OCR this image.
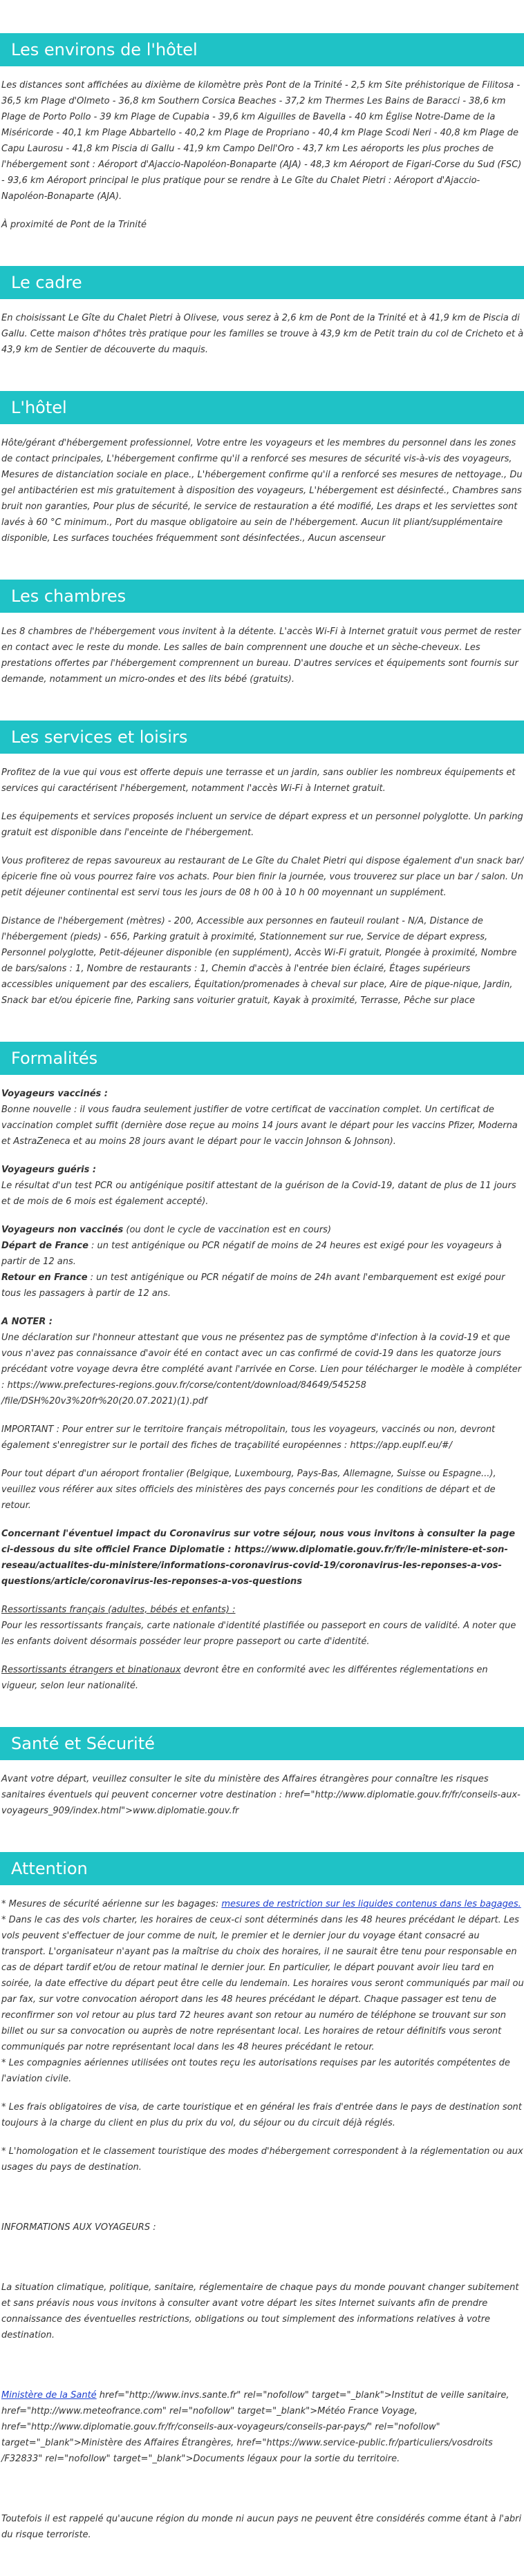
Les environs de l'hôtel

Les distances sont affichées au dixième de kilomètre près Pont de la Trinité - 2,5 km Site préhistorique de Filitosa - 36,5 km Plage d'Olmeto - 36,8 km Southern Corsica Beaches - 37,2 km Thermes Les Bains de Baracci - 38,6 km Plage de Porto Pollo - 39 km Plage de Cupabia - 39,6 km Aiguilles de Bavella - 40 km Église Notre-Dame de la Miséricorde - 40,1 km Plage Abbartello - 40,2 km Plage de Propriano - 40,4 km Plage Scodi Neri - 40,8 km Plage de Capu Laurosu - 41,8 km Piscia di Gallu - 41,9 km Campo Dell'Oro - 43,7 km Les aéroports les plus proches de l'hébergement sont : Aéroport d'Ajaccio-Napoléon-Bonaparte (AJA) - 48,3 km Aéroport de Figari-Corse du Sud (FSC) - 93,6 km Aéroport principal le plus pratique pour se rendre à Le Gîte du Chalet Pietri : Aéroport d'Ajaccio-Napoléon-Bonaparte (AJA).

À proximité de Pont de la Trinité

Le cadre

En choisissant Le Gîte du Chalet Pietri à Olivese, vous serez à 2,6 km de Pont de la Trinité et à 41,9 km de Piscia di Gallu. Cette maison d'hôtes très pratique pour les familles se trouve à 43,9 km de Petit train du col de Cricheto et à 43,9 km de Sentier de découverte du maquis.

L'hôtel

Hôte/gérant d'hébergement professionnel, Votre entre les voyageurs et les membres du personnel dans les zones de contact principales, L'hébergement confirme qu'il a renforcé ses mesures de sécurité vis-à-vis des voyageurs, Mesures de distanciation sociale en place., L'hébergement confirme qu'il a renforcé ses mesures de nettoyage., Du gel antibactérien est mis gratuitement à disposition des voyageurs, L'hébergement est désinfecté., Chambres sans bruit non garanties, Pour plus de sécurité, le service de restauration a été modifié, Les draps et les serviettes sont lavés à 60 °C minimum., Port du masque obligatoire au sein de l'hébergement. Aucun lit pliant/supplémentaire disponible, Les surfaces touchées fréquemment sont désinfectées., Aucun ascenseur

Les chambres

Les 8 chambres de l'hébergement vous invitent à la détente. L'accès Wi-Fi à Internet gratuit vous permet de rester en contact avec le reste du monde. Les salles de bain comprennent une douche et un sèche-cheveux. Les prestations offertes par l'hébergement comprennent un bureau. D'autres services et équipements sont fournis sur demande, notamment un micro-ondes et des lits bébé (gratuits).

Les services et loisirs

Profitez de la vue qui vous est offerte depuis une terrasse et un jardin, sans oublier les nombreux équipements et services qui caractérisent l'hébergement, notamment l'accès Wi-Fi à Internet gratuit.

Les équipements et services proposés incluent un service de départ express et un personnel polyglotte. Un parking gratuit est disponible dans l'enceinte de l'hébergement.

Vous profiterez de repas savoureux au restaurant de Le Gîte du Chalet Pietri qui dispose également d'un snack bar/épicerie fine où vous pourrez faire vos achats. Pour bien finir la journée, vous trouverez sur place un bar / salon. Un petit déjeuner continental est servi tous les jours de 08 h 00 à 10 h 00 moyennant un supplément.

Distance de l'hébergement (mètres) - 200, Accessible aux personnes en fauteuil roulant - N/A, Distance de l'hébergement (pieds) - 656, Parking gratuit à proximité, Stationnement sur rue, Service de départ express, Personnel polyglotte, Petit-déjeuner disponible (en supplément), Accès Wi-Fi gratuit, Plongée à proximité, Nombre de bars/salons : 1, Nombre de restaurants : 1, Chemin d'accès à l'entrée bien éclairé, Étages supérieurs accessibles uniquement par des escaliers, Équitation/promenades à cheval sur place, Aire de pique-nique, Jardin, Snack bar et/ou épicerie fine, Parking sans voiturier gratuit, Kayak à proximité, Terrasse, Pêche sur place

Formalités

Voyageurs vaccinés :
Bonne nouvelle : il vous faudra seulement justifier de votre certificat de vaccination complet. Un certificat de vaccination complet suffit (dernière dose reçue au moins 14 jours avant le départ pour les vaccins Pfizer, Moderna et AstraZeneca et au moins 28 jours avant le départ pour le vaccin Johnson & Johnson).

Voyageurs guéris :
Le résultat d'un test PCR ou antigénique positif attestant de la guérison de la Covid-19, datant de plus de 11 jours et de mois de 6 mois est également accepté).

Voyageurs non vaccinés (ou dont le cycle de vaccination est en cours)
Départ de France : un test antigénique ou PCR négatif de moins de 24 heures est exigé pour les voyageurs à partir de 12 ans.
Retour en France : un test antigénique ou PCR négatif de moins de 24h avant l'embarquement est exigé pour tous les passagers à partir de 12 ans.

A NOTER :
Une déclaration sur l'honneur attestant que vous ne présentez pas de symptôme d'infection à la covid-19 et que vous n'avez pas connaissance d'avoir été en contact avec un cas confirmé de covid-19 dans les quatorze jours précédant votre voyage devra être complété avant l'arrivée en Corse. Lien pour télécharger le modèle à compléter : https://www.prefectures-regions.gouv.fr/corse/content/download/84649/545258 /file/DSH%20v3%20fr%20(20.07.2021)(1).pdf

IMPORTANT : Pour entrer sur le territoire français métropolitain, tous les voyageurs, vaccinés ou non, devront également s'enregistrer sur le portail des fiches de traçabilité européennes : https://app.euplf.eu/#/

Pour tout départ d'un aéroport frontalier (Belgique, Luxembourg, Pays-Bas, Allemagne, Suisse ou Espagne...), veuillez vous référer aux sites officiels des ministères des pays concernés pour les conditions de départ et de retour.

Concernant l'éventuel impact du Coronavirus sur votre séjour, nous vous invitons à consulter la page ci-dessous du site officiel France Diplomatie : https://www.diplomatie.gouv.fr/fr/le-ministere-et-son-reseau/actualites-du-ministere/informations-coronavirus-covid-19/coronavirus-les-reponses-a-vos-questions/article/coronavirus-les-reponses-a-vos-questions

Ressortissants français (adultes, bébés et enfants) :
Pour les ressortissants français, carte nationale d'identité plastifiée ou passeport en cours de validité. A noter que les enfants doivent désormais posséder leur propre passeport ou carte d'identité.

Ressortissants étrangers et binationaux devront être en conformité avec les différentes réglementations en vigueur, selon leur nationalité.

Santé et Sécurité

Avant votre départ, veuillez consulter le site du ministère des Affaires étrangères pour connaître les risques sanitaires éventuels qui peuvent concerner votre destination : href="http://www.diplomatie.gouv.fr/fr/conseils-aux-voyageurs_909/index.html">www.diplomatie.gouv.fr

Attention

* Mesures de sécurité aérienne sur les bagages: mesures de restriction sur les liquides contenus dans les bagages.
* Dans le cas des vols charter, les horaires de ceux-ci sont déterminés dans les 48 heures précédant le départ. Les vols peuvent s'effectuer de jour comme de nuit, le premier et le dernier jour du voyage étant consacré au transport. L'organisateur n'ayant pas la maîtrise du choix des horaires, il ne saurait être tenu pour responsable en cas de départ tardif et/ou de retour matinal le dernier jour. En particulier, le départ pouvant avoir lieu tard en soirée, la date effective du départ peut être celle du lendemain. Les horaires vous seront communiqués par mail ou par fax, sur votre convocation aéroport dans les 48 heures précédant le départ. Chaque passager est tenu de reconfirmer son vol retour au plus tard 72 heures avant son retour au numéro de téléphone se trouvant sur son billet ou sur sa convocation ou auprès de notre représentant local. Les horaires de retour définitifs vous seront communiqués par notre représentant local dans les 48 heures précédant le retour.
* Les compagnies aériennes utilisées ont toutes reçu les autorisations requises par les autorités compétentes de l'aviation civile.

* Les frais obligatoires de visa, de carte touristique et en général les frais d'entrée dans le pays de destination sont toujours à la charge du client en plus du prix du vol, du séjour ou du circuit déjà réglés.

* L'homologation et le classement touristique des modes d'hébergement correspondent à la réglementation ou aux usages du pays de destination.

INFORMATIONS AUX VOYAGEURS :

La situation climatique, politique, sanitaire, réglementaire de chaque pays du monde pouvant changer subitement et sans préavis nous vous invitons à consulter avant votre départ les sites Internet suivants afin de prendre connaissance des éventuelles restrictions, obligations ou tout simplement des informations relatives à votre destination.

Ministère de la Santé href="http://www.invs.sante.fr" rel="nofollow" target="_blank">Institut de veille sanitaire, href="http://www.meteofrance.com" rel="nofollow" target="_blank">Météo France Voyage, href="http://www.diplomatie.gouv.fr/fr/conseils-aux-voyageurs/conseils-par-pays/" rel="nofollow" target="_blank">Ministère des Affaires Étrangères, href="https://www.service-public.fr/particuliers/vosdroits /F32833" rel="nofollow" target="_blank">Documents légaux pour la sortie du territoire.

Toutefois il est rappelé qu'aucune région du monde ni aucun pays ne peuvent être considérés comme étant à l'abri du risque terroriste.
